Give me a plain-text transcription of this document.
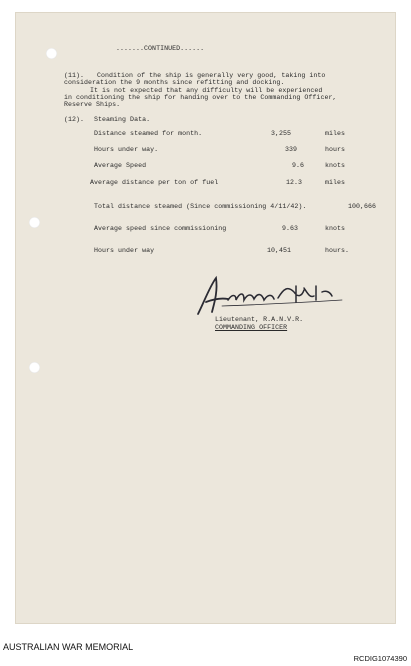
.......CONTINUED......
(11). Condition of the ship is generally very good, taking into
consideration the 9 months since refitting and docking.
It is not expected that any difficulty will be experienced
in conditioning the ship for handing over to the Commanding Officer,
Reserve Ships.
(12). Steaming Data.
Distance steamed for month.	3,255	miles
Hours under way.	339	hours
Average Speed	9.6	knots
Average distance per ton of fuel	12.3	miles
Total distance steamed (Since commissioning 4/11/42).	100,666
Average speed since commissioning	9.63	knots
Hours under way	10,451	hours.
Lieutenant, R.A.N.V.R.
COMMANDING OFFICER
AUSTRALIAN WAR MEMORIAL
RCDIG1074390
